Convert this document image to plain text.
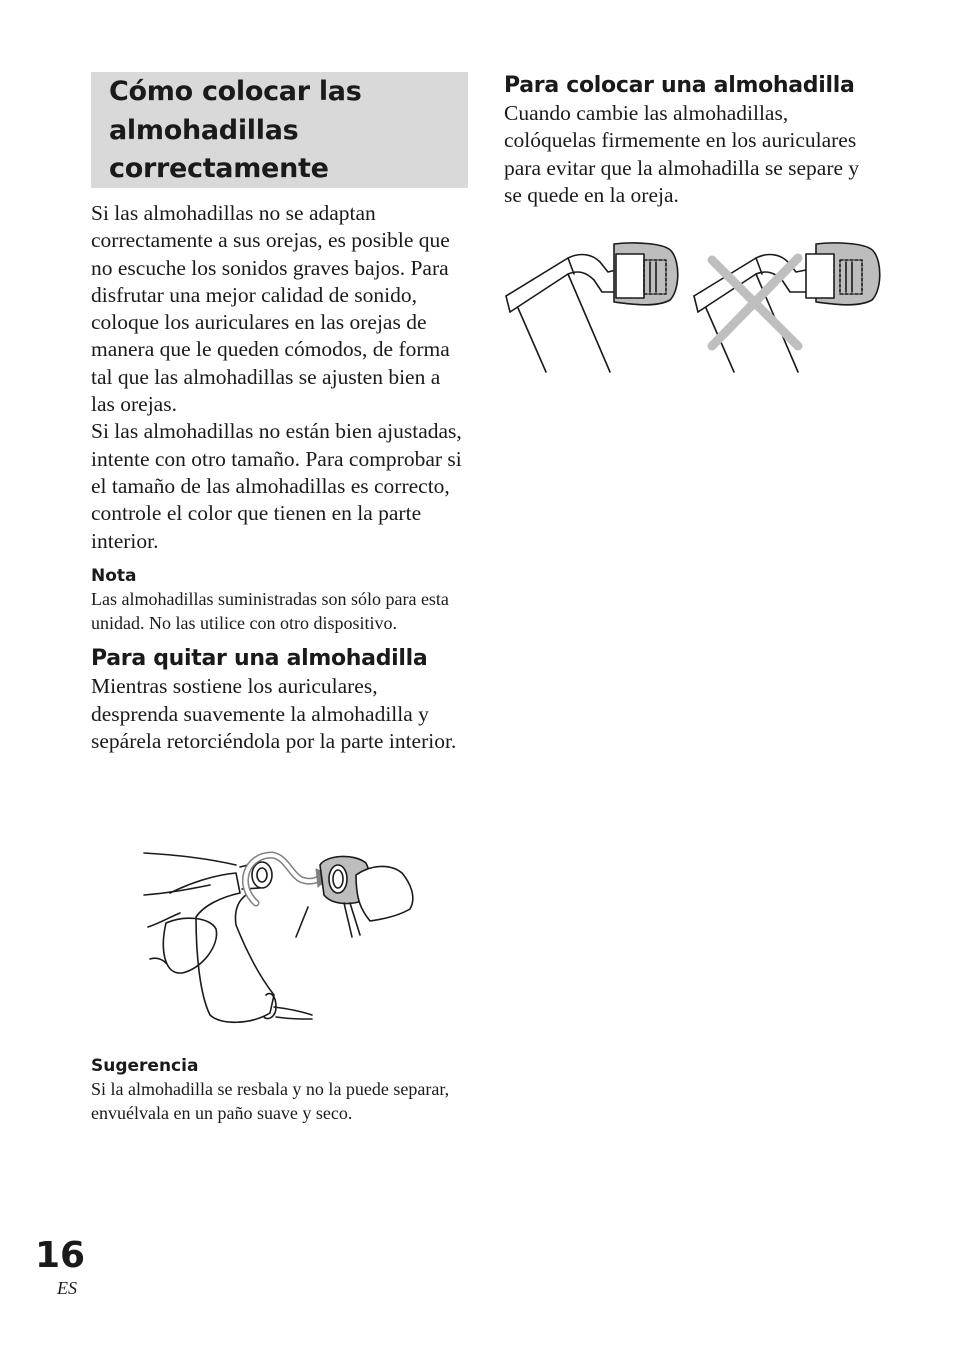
Cómo colocar las almohadillas correctamente

Si las almohadillas no se adaptan correctamente a sus orejas, es posible que no escuche los sonidos graves bajos. Para disfrutar una mejor calidad de sonido, coloque los auriculares en las orejas de manera que le queden cómodos, de forma tal que las almohadillas se ajusten bien a las orejas.

Si las almohadillas no están bien ajustadas, intente con otro tamaño. Para comprobar si el tamaño de las almohadillas es correcto, controle el color que tienen en la parte interior.

Nota

Las almohadillas suministradas son sólo para esta unidad. No las utilice con otro dispositivo.

Para quitar una almohadilla

Mientras sostiene los auriculares, desprenda suavemente la almohadilla y sepárela retorciéndola por la parte interior.

Sugerencia

Si la almohadilla se resbala y no la puede separar, envuélvala en un paño suave y seco.

Para colocar una almohadilla

Cuando cambie las almohadillas, colóquelas firmemente en los auriculares para evitar que la almohadilla se separe y se quede en la oreja.

16
ES
